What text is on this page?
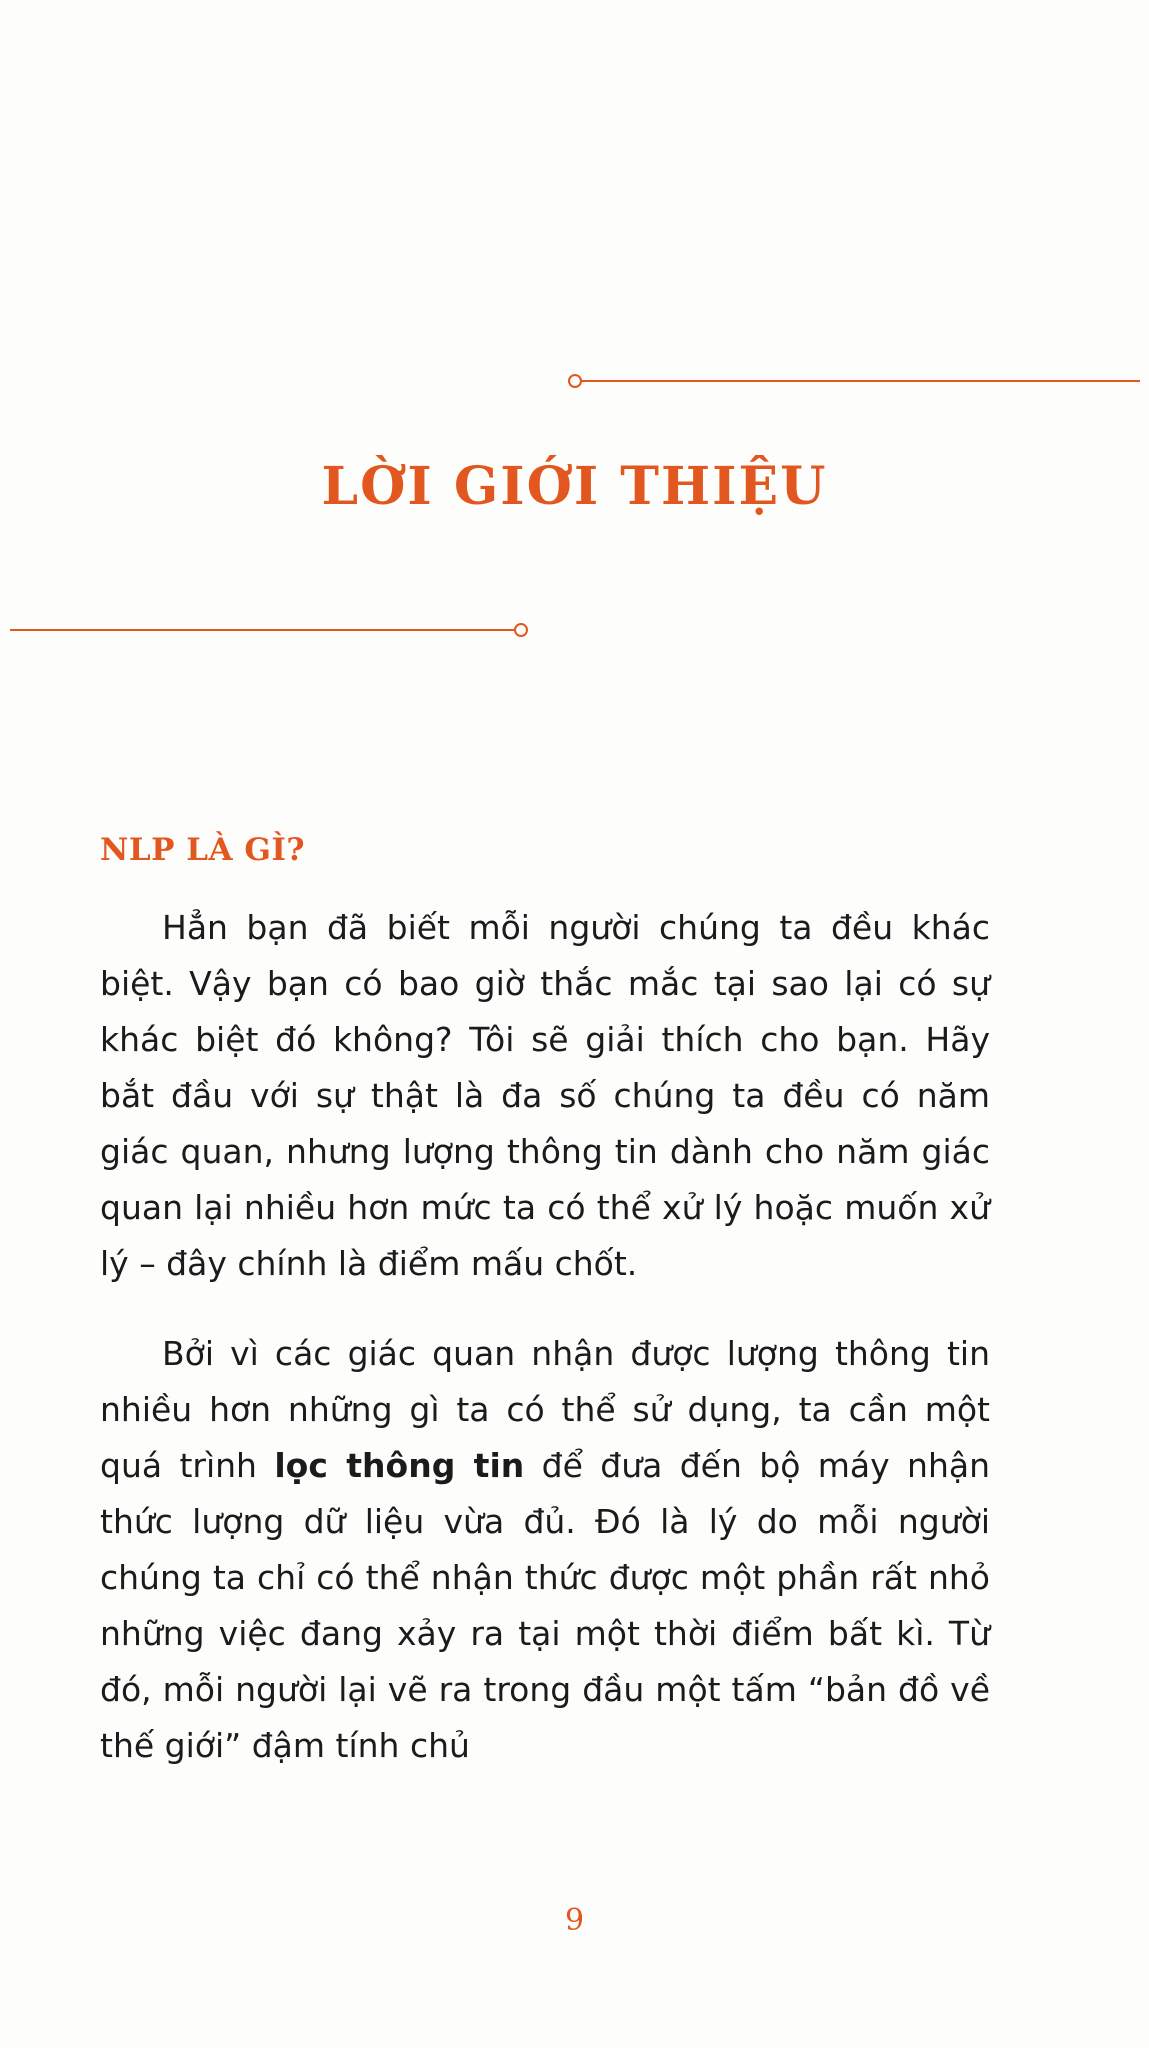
LỜI GIỚI THIỆU
NLP LÀ GÌ?

Hẳn bạn đã biết mỗi người chúng ta đều khác biệt. Vậy bạn có bao giờ thắc mắc tại sao lại có sự khác biệt đó không? Tôi sẽ giải thích cho bạn. Hãy bắt đầu với sự thật là đa số chúng ta đều có năm giác quan, nhưng lượng thông tin dành cho năm giác quan lại nhiều hơn mức ta có thể xử lý hoặc muốn xử lý – đây chính là điểm mấu chốt.

Bởi vì các giác quan nhận được lượng thông tin nhiều hơn những gì ta có thể sử dụng, ta cần một quá trình lọc thông tin để đưa đến bộ máy nhận thức lượng dữ liệu vừa đủ. Đó là lý do mỗi người chúng ta chỉ có thể nhận thức được một phần rất nhỏ những việc đang xảy ra tại một thời điểm bất kì. Từ đó, mỗi người lại vẽ ra trong đầu một tấm “bản đồ về thế giới” đậm tính chủ

9
